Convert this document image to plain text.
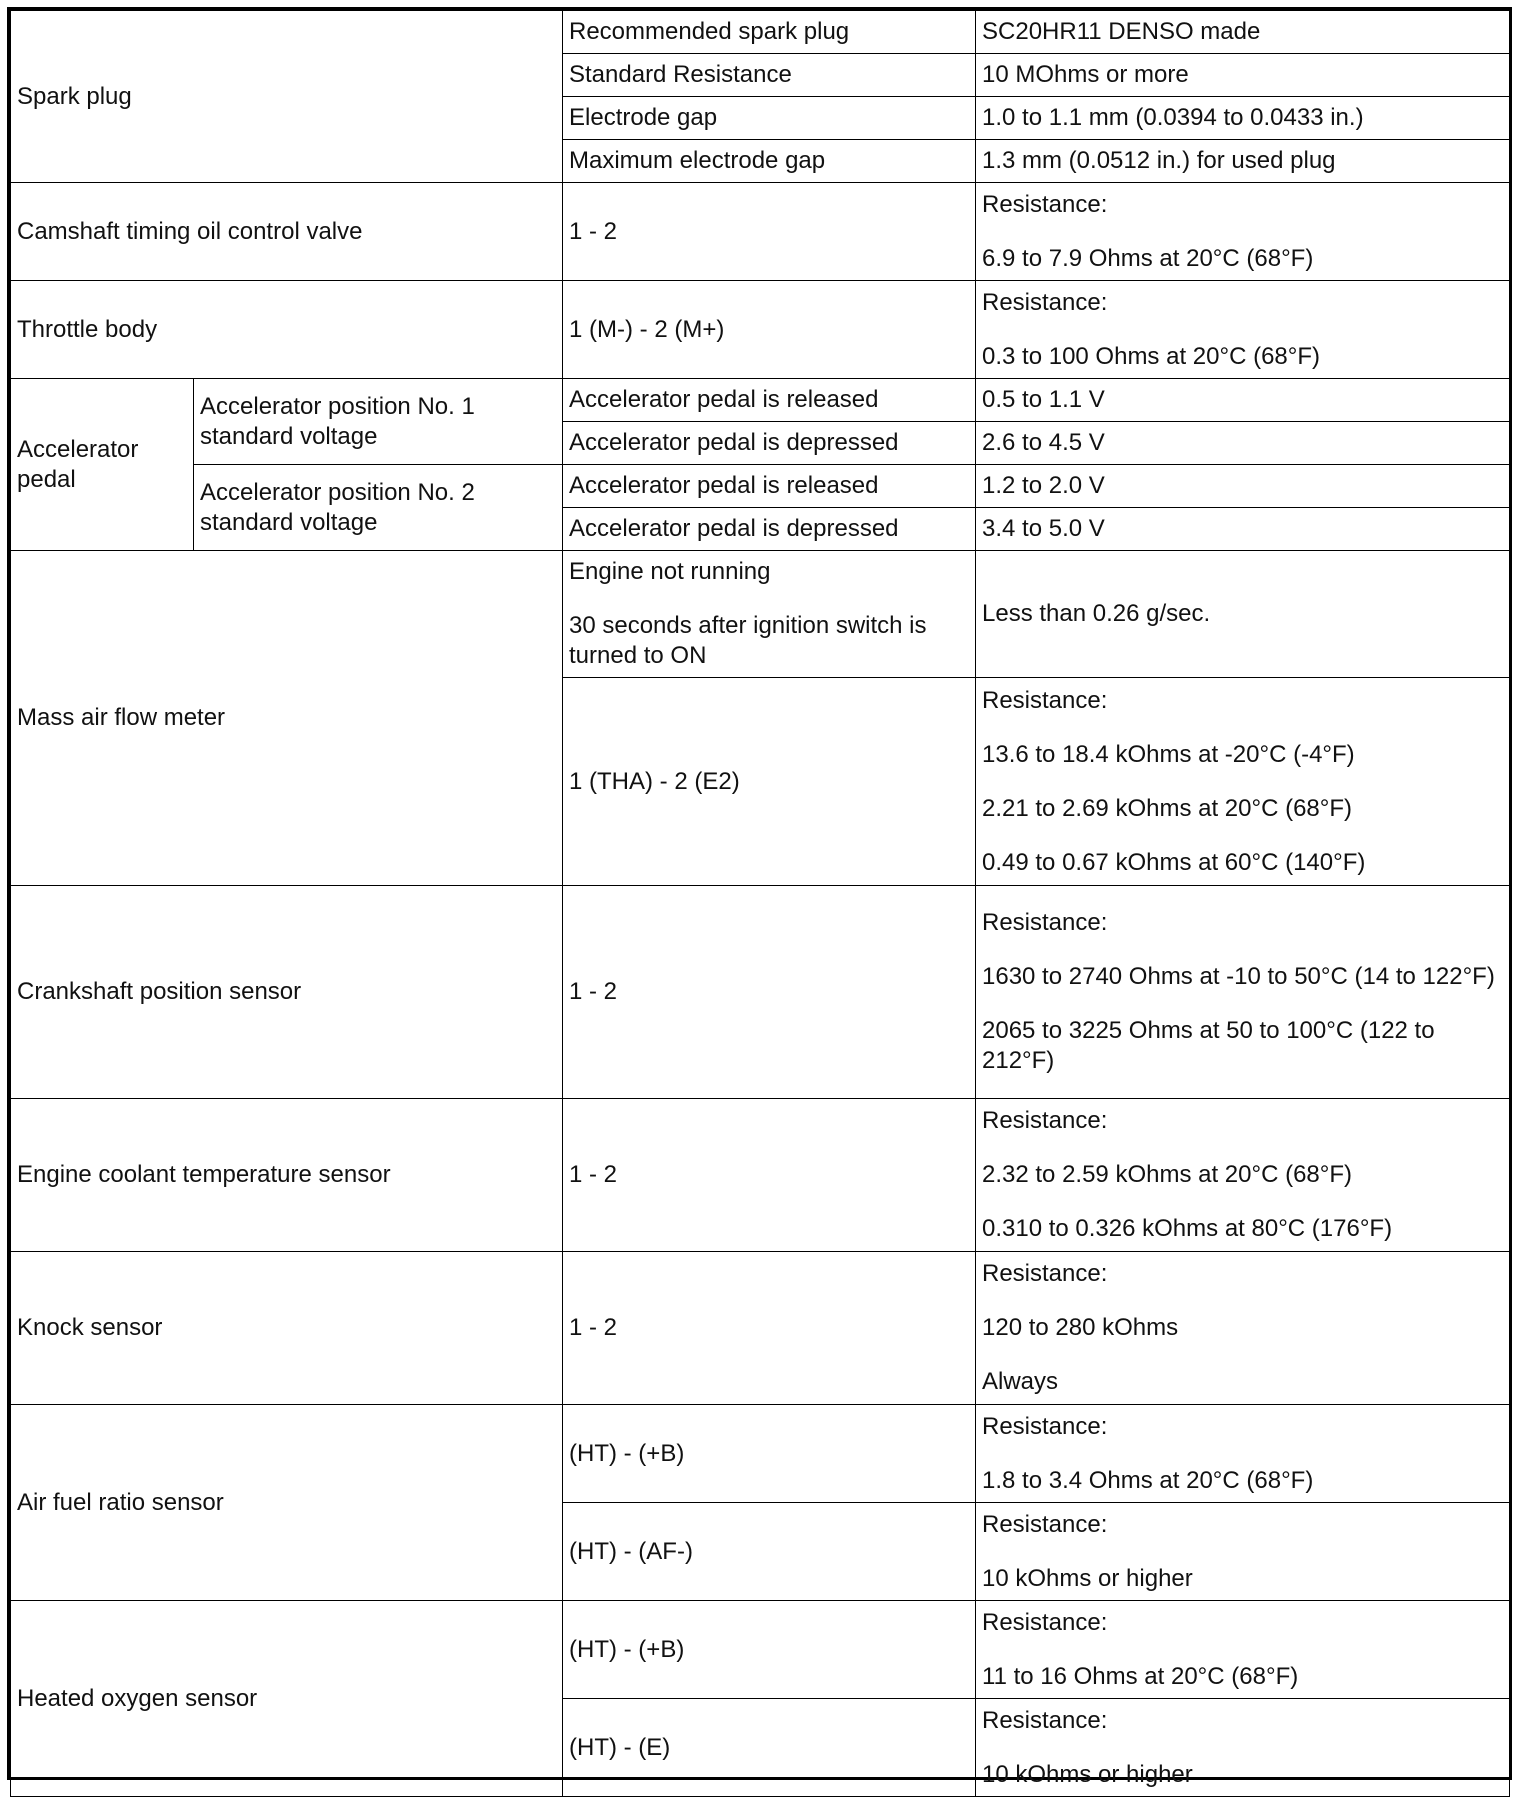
Spark plug		Recommended spark plug	SC20HR11 DENSO made
		Standard Resistance	10 MOhms or more
		Electrode gap	1.0 to 1.1 mm (0.0394 to 0.0433 in.)
		Maximum electrode gap	1.3 mm (0.0512 in.) for used plug
Camshaft timing oil control valve		1 - 2	Resistance:

6.9 to 7.9 Ohms at 20°C (68°F)

Throttle body		1 (M-) - 2 (M+)	Resistance:

0.3 to 100 Ohms at 20°C (68°F)

Accelerator pedal	Accelerator position No. 1 standard voltage	Accelerator pedal is released	0.5 to 1.1 V
		Accelerator pedal is depressed	2.6 to 4.5 V
	Accelerator position No. 2 standard voltage	Accelerator pedal is released	1.2 to 2.0 V
		Accelerator pedal is depressed	3.4 to 5.0 V
Mass air flow meter		Engine not running

30 seconds after ignition switch is turned to ON	Less than 0.26 g/sec.
		1 (THA) - 2 (E2)	Resistance:

13.6 to 18.4 kOhms at -20°C (-4°F)

2.21 to 2.69 kOhms at 20°C (68°F)

0.49 to 0.67 kOhms at 60°C (140°F)

Crankshaft position sensor		1 - 2	Resistance:

1630 to 2740 Ohms at -10 to 50°C (14 to 122°F)

2065 to 3225 Ohms at 50 to 100°C (122 to 212°F)

Engine coolant temperature sensor		1 - 2	Resistance:

2.32 to 2.59 kOhms at 20°C (68°F)

0.310 to 0.326 kOhms at 80°C (176°F)

Knock sensor		1 - 2	Resistance:

120 to 280 kOhms

Always

Air fuel ratio sensor		(HT) - (+B)	Resistance:

1.8 to 3.4 Ohms at 20°C (68°F)

		(HT) - (AF-)	Resistance:

10 kOhms or higher

Heated oxygen sensor		(HT) - (+B)	Resistance:

11 to 16 Ohms at 20°C (68°F)

		(HT) - (E)	Resistance:

10 kOhms or higher
